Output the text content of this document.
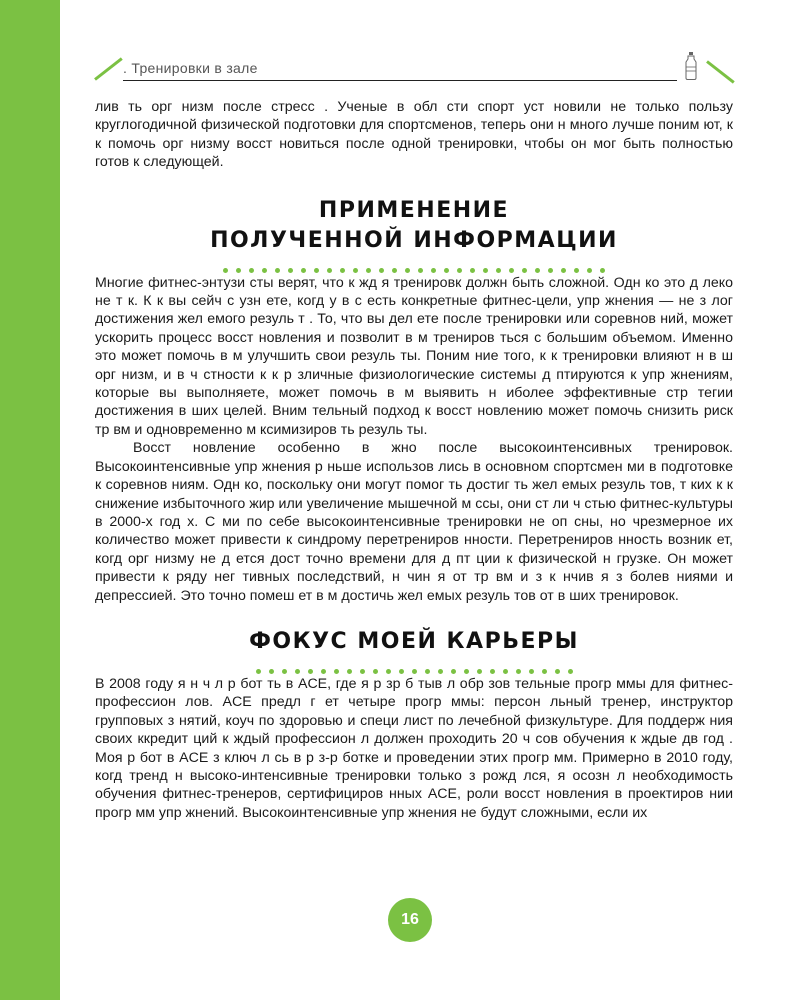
. Тренировки в зале

лив ть орг низм после стресс . Ученые в обл сти спорт уст новили не только пользу круглогодичной физической подготовки для спортсменов, теперь они н много лучше поним ют, к к помочь орг низму восст новиться после одной тренировки, чтобы он мог быть полностью готов к следующей.

ПРИМЕНЕНИЕ
ПОЛУЧЕННОЙ ИНФОРМАЦИИ

Многие фитнес-энтузи сты верят, что к жд я тренировк должн быть сложной. Одн ко это д леко не т к. К к вы сейч с узн ете, когд у в с есть конкретные фитнес-цели, упр жнения — не з лог достижения жел емого резуль т . То, что вы дел ете после тренировки или соревнов ний, может ускорить процесс восст новления и позволит в м трениров ться с большим объемом. Именно это может помочь в м улучшить свои резуль ты. Поним ние того, к к тренировки влияют н в ш орг низм, и в ч стности к к р зличные физиологические системы д птируются к упр жнениям, которые вы выполняете, может помочь в м выявить н иболее эффективные стр тегии достижения в ших целей. Вним тельный подход к восст новлению может помочь снизить риск тр вм и одновременно м ксимизиров ть резуль ты.

Восст новление особенно в жно после высокоинтенсивных тренировок. Высокоинтенсивные упр жнения р ньше использов лись в основном спортсмен ми в подготовке к соревнов ниям. Одн ко, поскольку они могут помог ть достиг ть жел емых резуль тов, т ких к к снижение избыточного жир или увеличение мышечной м ссы, они ст ли ч стью фитнес-культуры в 2000-х год х. С ми по себе высокоинтенсивные тренировки не оп сны, но чрезмерное их количество может привести к синдрому перетрениров нности. Перетрениров нность возник ет, когд орг низму не д ется дост точно времени для д пт ции к физической н грузке. Он может привести к ряду нег тивных последствий, н чин я от тр вм и з к нчив я з болев ниями и депрессией. Это точно помеш ет в м достичь жел емых резуль тов от в ших тренировок.

ФОКУС МОЕЙ КАРЬЕРЫ

В 2008 году я н ч л р бот ть в ACE, где я р зр б тыв л обр зов тельные прогр ммы для фитнес-профессион лов. ACE предл г ет четыре прогр ммы: персон льный тренер, инструктор групповых з нятий, коуч по здоровью и специ лист по лечебной физкультуре. Для поддерж ния своих ккредит ций к ждый профессион л должен проходить 20 ч сов обучения к ждые дв год . Моя р бот в ACE з ключ л сь в р з-р ботке и проведении этих прогр мм. Примерно в 2010 году, когд тренд н высоко-интенсивные тренировки только з рожд лся, я осозн л необходимость обучения фитнес-тренеров, сертифициров нных ACE, роли восст новления в проектиров нии прогр мм упр жнений. Высокоинтенсивные упр жнения не будут сложными, если их

16
